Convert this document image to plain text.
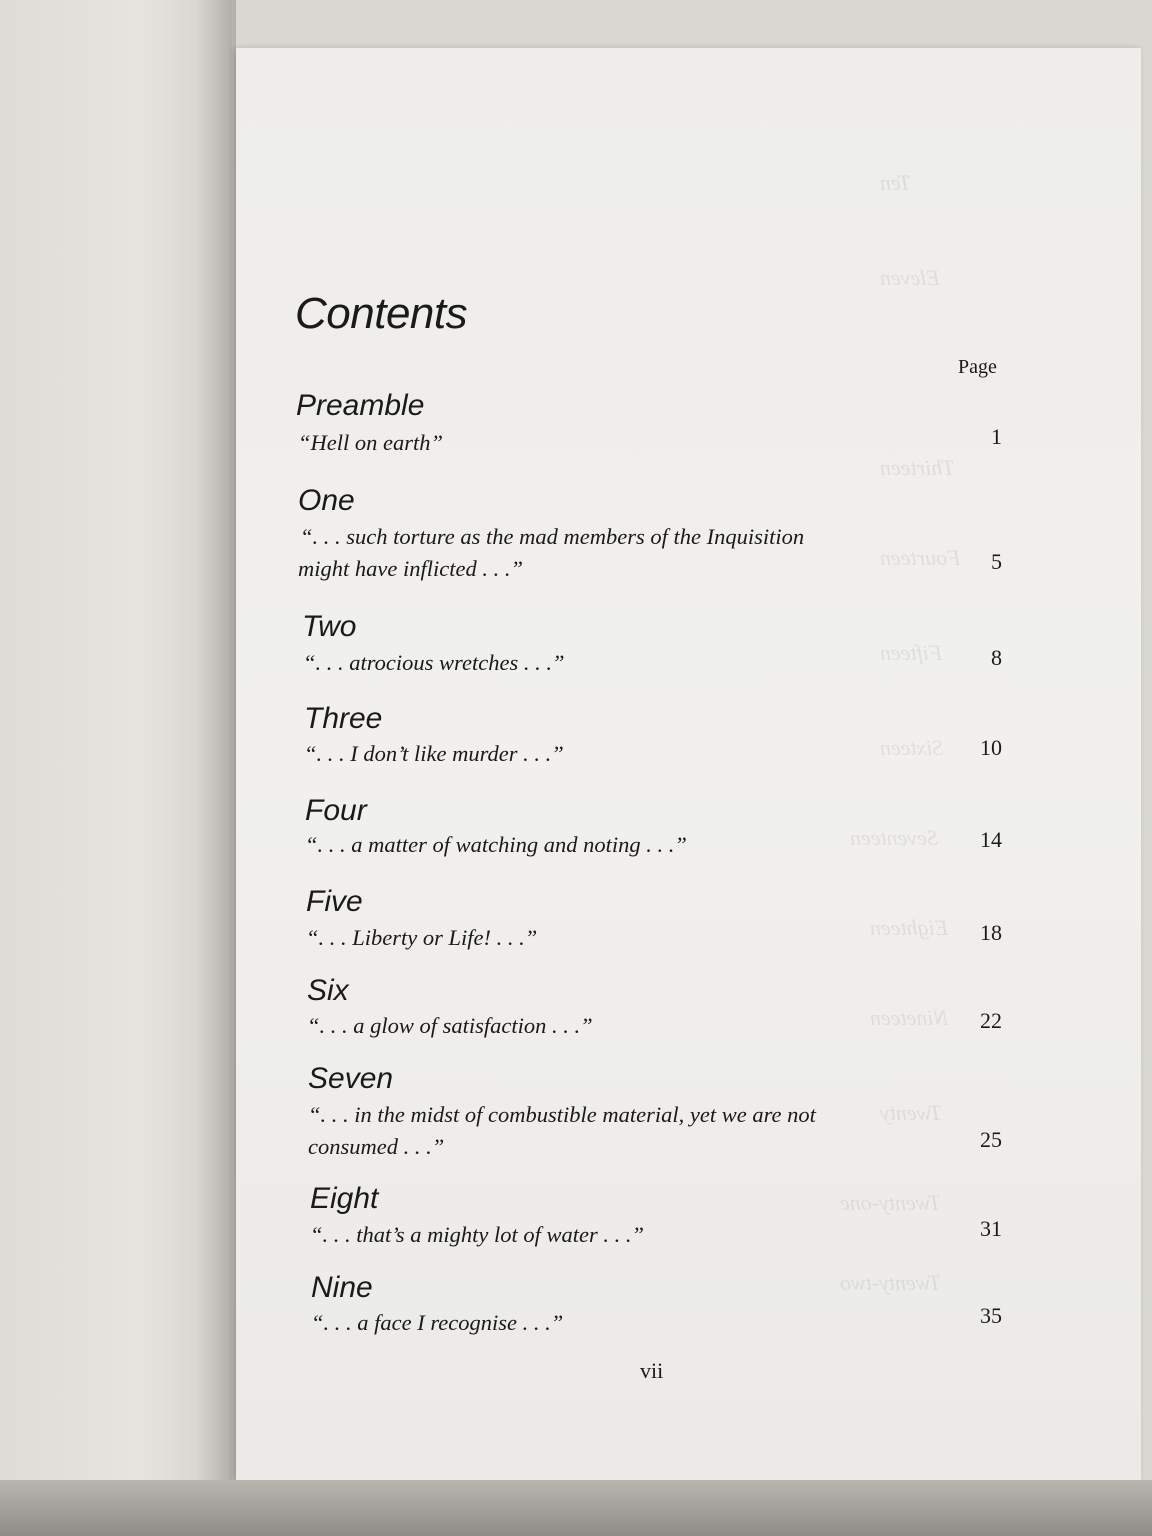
Ten
Eleven
Thirteen
Fourteen
Fifteen
Sixteen
Seventeen
Eighteen
Nineteen
Twenty
Twenty-one
Twenty-two
Contents
Page
Preamble
“Hell on earth”	1
One
“. . . such torture as the mad members of the Inquisition
might have inflicted . . .”	5
Two
“. . . atrocious wretches . . .”	8
Three
“. . . I don’t like murder . . .”	10
Four
“. . . a matter of watching and noting . . .”	14
Five
“. . . Liberty or Life! . . .”	18
Six
“. . . a glow of satisfaction . . .”	22
Seven
“. . . in the midst of combustible material, yet we are not
consumed . . .”	25
Eight
“. . . that’s a mighty lot of water . . .”	31
Nine
“. . . a face I recognise . . .”	35
vii
